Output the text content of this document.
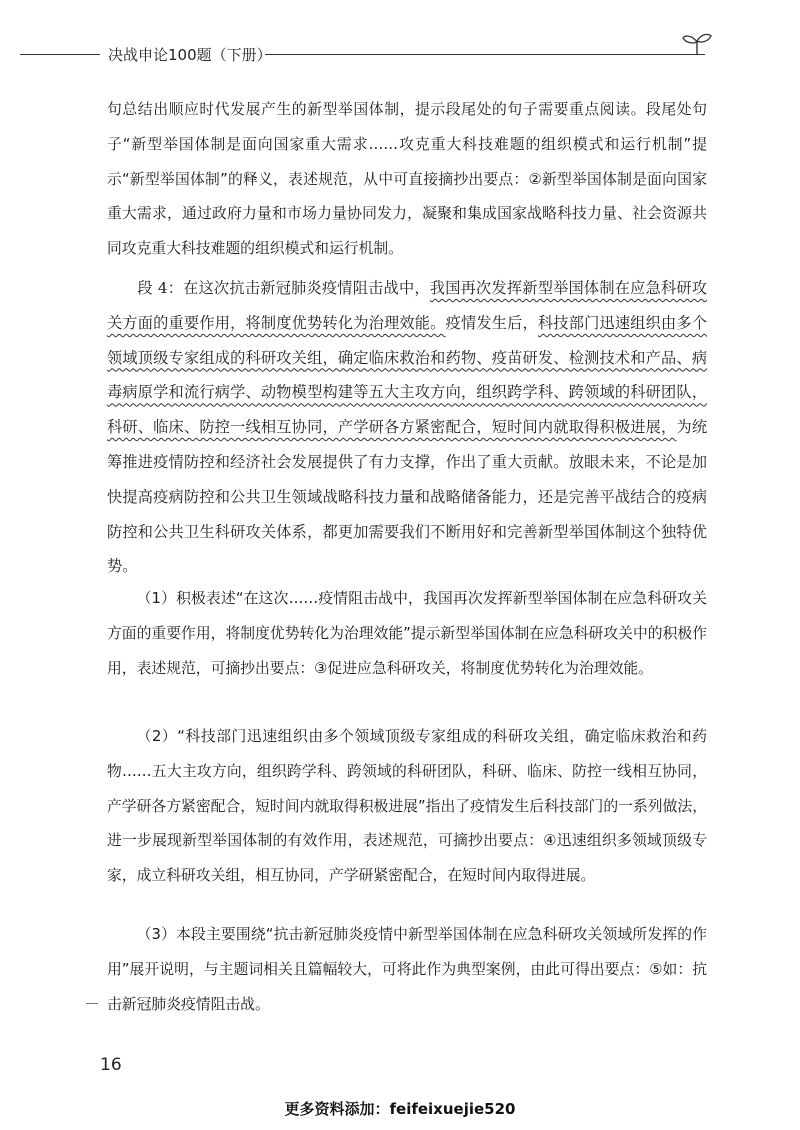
决战申论100题（下册）
句总结出顺应时代发展产生的新型举国体制，提示段尾处的句子需要重点阅读。段尾处句子“新型举国体制是面向国家重大需求……攻克重大科技难题的组织模式和运行机制”提示“新型举国体制”的释义，表述规范，从中可直接摘抄出要点：②新型举国体制是面向国家重大需求，通过政府力量和市场力量协同发力，凝聚和集成国家战略科技力量、社会资源共同攻克重大科技难题的组织模式和运行机制。
段 4：在这次抗击新冠肺炎疫情阻击战中，我国再次发挥新型举国体制在应急科研攻关方面的重要作用，将制度优势转化为治理效能。疫情发生后，科技部门迅速组织由多个领域顶级专家组成的科研攻关组，确定临床救治和药物、疫苗研发、检测技术和产品、病毒病原学和流行病学、动物模型构建等五大主攻方向，组织跨学科、跨领域的科研团队，科研、临床、防控一线相互协同，产学研各方紧密配合，短时间内就取得积极进展，为统筹推进疫情防控和经济社会发展提供了有力支撑，作出了重大贡献。放眼未来，不论是加快提高疫病防控和公共卫生领域战略科技力量和战略储备能力，还是完善平战结合的疫病防控和公共卫生科研攻关体系，都更加需要我们不断用好和完善新型举国体制这个独特优势。
（1）积极表述“在这次……疫情阻击战中，我国再次发挥新型举国体制在应急科研攻关方面的重要作用，将制度优势转化为治理效能”提示新型举国体制在应急科研攻关中的积极作用，表述规范，可摘抄出要点：③促进应急科研攻关，将制度优势转化为治理效能。
（2）“科技部门迅速组织由多个领域顶级专家组成的科研攻关组，确定临床救治和药物……五大主攻方向，组织跨学科、跨领域的科研团队，科研、临床、防控一线相互协同，产学研各方紧密配合，短时间内就取得积极进展”指出了疫情发生后科技部门的一系列做法，进一步展现新型举国体制的有效作用，表述规范，可摘抄出要点：④迅速组织多领域顶级专家，成立科研攻关组，相互协同，产学研紧密配合，在短时间内取得进展。
（3）本段主要围绕“抗击新冠肺炎疫情中新型举国体制在应急科研攻关领域所发挥的作用”展开说明，与主题词相关且篇幅较大，可将此作为典型案例，由此可得出要点：⑤如：抗击新冠肺炎疫情阻击战。
16
更多资料添加：feifeixuejie520
